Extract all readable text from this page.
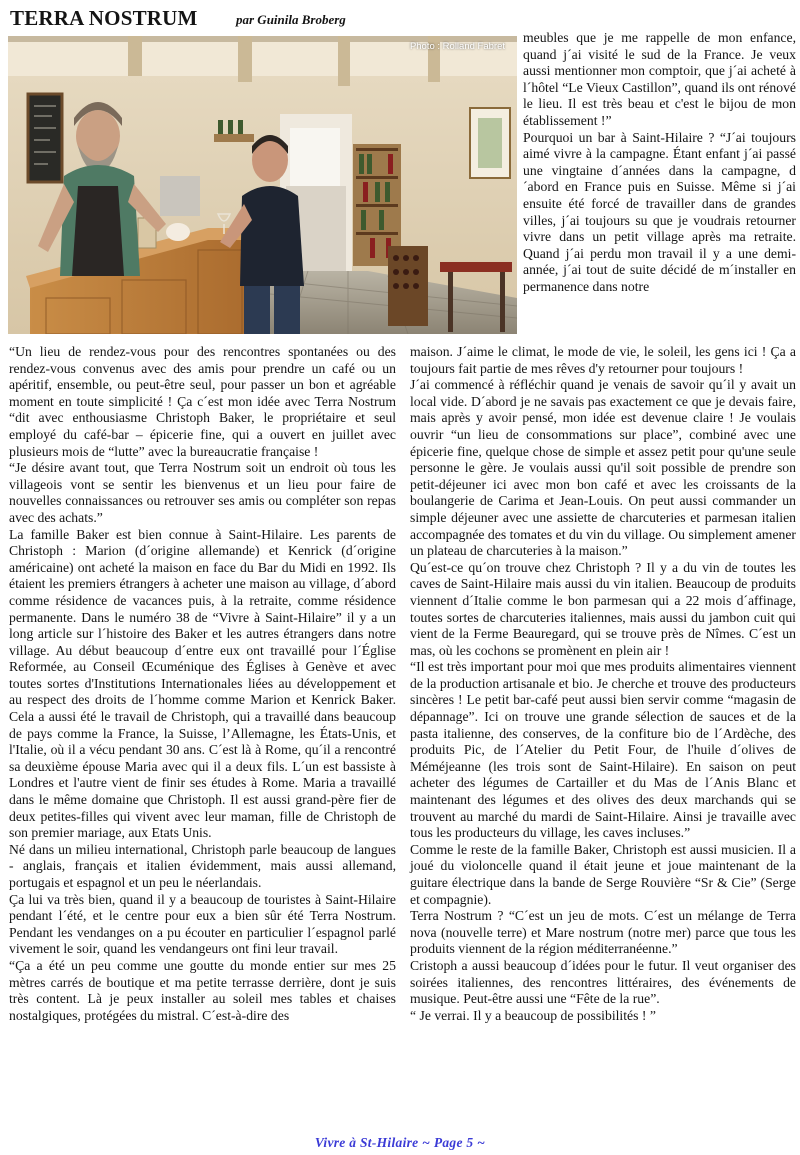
TERRA NOSTRUM	par Guinila Broberg
Photo : Rolland Fabret

meubles que je me rappelle de mon enfance, quand j´ai visité le sud de la France. Je veux aussi mentionner mon comptoir, que j´ai acheté à l´hôtel “Le Vieux Castillon”, quand ils ont rénové le lieu. Il est très beau et c'est le bijou de mon établissement !”
Pourquoi un bar à Saint-Hilaire ? “J´ai toujours aimé vivre à la campagne. Étant enfant j´ai passé une vingtaine d´années dans la campagne, d´abord en France puis en Suisse. Même si j´ai ensuite été forcé de travailler dans de grandes villes, j´ai toujours su que je voudrais retourner vivre dans un petit village après ma retraite. Quand j´ai perdu mon travail il y a une demi-année, j´ai tout de suite décidé de m´installer en permanence dans notre

“Un lieu de rendez-vous pour des rencontres spontanées ou des rendez-vous convenus avec des amis pour prendre un café ou un apéritif, ensemble, ou peut-être seul, pour passer un bon et agréable moment en toute simplicité ! Ça c´est mon idée avec Terra Nostrum “dit avec enthousiasme Christoph Baker, le propriétaire et seul employé du café-bar – épicerie fine, qui a ouvert en juillet avec plusieurs mois de “lutte” avec la bureaucratie française !
“Je désire avant tout, que Terra Nostrum soit un endroit où tous les villageois vont se sentir les bienvenus et un lieu pour faire de nouvelles connaissances ou retrouver ses amis ou compléter son repas avec des achats.”
La famille Baker est bien connue à Saint-Hilaire. Les parents de Christoph : Marion (d´origine allemande) et Kenrick (d´origine américaine) ont acheté la maison en face du Bar du Midi en 1992. Ils étaient les premiers étrangers à acheter une maison au village, d´abord comme résidence de vacances puis, à la retraite, comme résidence permanente. Dans le numéro 38 de “Vivre à Saint-Hilaire” il y a un long article sur l´histoire des Baker et les autres étrangers dans notre village. Au début beaucoup d´entre eux ont travaillé pour l´Église Reformée, au Conseil Œcuménique des Églises à Genève et avec toutes sortes d'Institutions Internationales liées au développement et au respect des droits de l´homme comme Marion et Kenrick Baker. Cela a aussi été le travail de Christoph, qui a travaillé dans beaucoup de pays comme la France, la Suisse, l’Allemagne, les États-Unis, et l'Italie, où il a vécu pendant 30 ans. C´est là à Rome, qu´il a rencontré sa deuxième épouse Maria avec qui il a deux fils. L´un est bassiste à Londres et l'autre vient de finir ses études à Rome. Maria a travaillé dans le même domaine que Christoph. Il est aussi grand-père fier de deux petites-filles qui vivent avec leur maman, fille de Christoph de son premier mariage, aux Etats Unis.
Né dans un milieu international, Christoph parle beaucoup de langues - anglais, français et italien évidemment, mais aussi allemand, portugais et espagnol et un peu le néerlandais.
Ça lui va très bien, quand il y a beaucoup de touristes à Saint-Hilaire pendant l´été, et le centre pour eux a bien sûr été Terra Nostrum. Pendant les vendanges on a pu écouter en particulier l´espagnol parlé vivement le soir, quand les vendangeurs ont fini leur travail.
“Ça a été un peu comme une goutte du monde entier sur mes 25 mètres carrés de boutique et ma petite terrasse derrière, dont je suis très content. Là je peux installer au soleil mes tables et chaises nostalgiques, protégées du mistral. C´est-à-dire des

maison. J´aime le climat, le mode de vie, le soleil, les gens ici ! Ça a toujours fait partie de mes rêves d'y retourner pour toujours !
J´ai commencé à réfléchir quand je venais de savoir qu´il y avait un local vide. D´abord je ne savais pas exactement ce que je devais faire, mais après y avoir pensé, mon idée est devenue claire ! Je voulais ouvrir “un lieu de consommations sur place”, combiné avec une épicerie fine, quelque chose de simple et assez petit pour qu'une seule personne le gère. Je voulais aussi qu'il soit possible de prendre son petit-déjeuner ici avec mon bon café et avec les croissants de la boulangerie de Carima et Jean-Louis. On peut aussi commander un simple déjeuner avec une assiette de charcuteries et parmesan italien accompagnée des tomates et du vin du village. Ou simplement amener un plateau de charcuteries à la maison.”
Qu´est-ce qu´on trouve chez Christoph ? Il y a du vin de toutes les caves de Saint-Hilaire mais aussi du vin italien. Beaucoup de produits viennent d´Italie comme le bon parmesan qui a 22 mois d´affinage, toutes sortes de charcuteries italiennes, mais aussi du jambon cuit qui vient de la Ferme Beauregard, qui se trouve près de Nîmes. C´est un mas, où les cochons se promènent en plein air !
“Il est très important pour moi que mes produits alimentaires viennent de la production artisanale et bio. Je cherche et trouve des producteurs sincères ! Le petit bar-café peut aussi bien servir comme “magasin de dépannage”. Ici on trouve une grande sélection de sauces et de la pasta italienne, des conserves, de la confiture bio de l´Ardèche, des produits Pic, de l´Atelier du Petit Four, de l'huile d´olives de Méméjeanne (les trois sont de Saint-Hilaire). En saison on peut acheter des légumes de Cartailler et du Mas de l´Anis Blanc et maintenant des légumes et des olives des deux marchands qui se trouvent au marché du mardi de Saint-Hilaire. Ainsi je travaille avec tous les producteurs du village, les caves incluses.”
Comme le reste de la famille Baker, Christoph est aussi musicien. Il a joué du violoncelle quand il était jeune et joue maintenant de la guitare électrique dans la bande de Serge Rouvière “Sr & Cie” (Serge et compagnie).
Terra Nostrum ? “C´est un jeu de mots. C´est un mélange de Terra nova (nouvelle terre) et Mare nostrum (notre mer) parce que tous les produits viennent de la région méditerranéenne.”
Cristoph a aussi beaucoup d´idées pour le futur. Il veut organiser des soirées italiennes, des rencontres littéraires, des événements de musique. Peut-être aussi une “Fête de la rue”.
“ Je verrai. Il y a beaucoup de possibilités ! ”

Vivre à St-Hilaire ~ Page 5 ~
